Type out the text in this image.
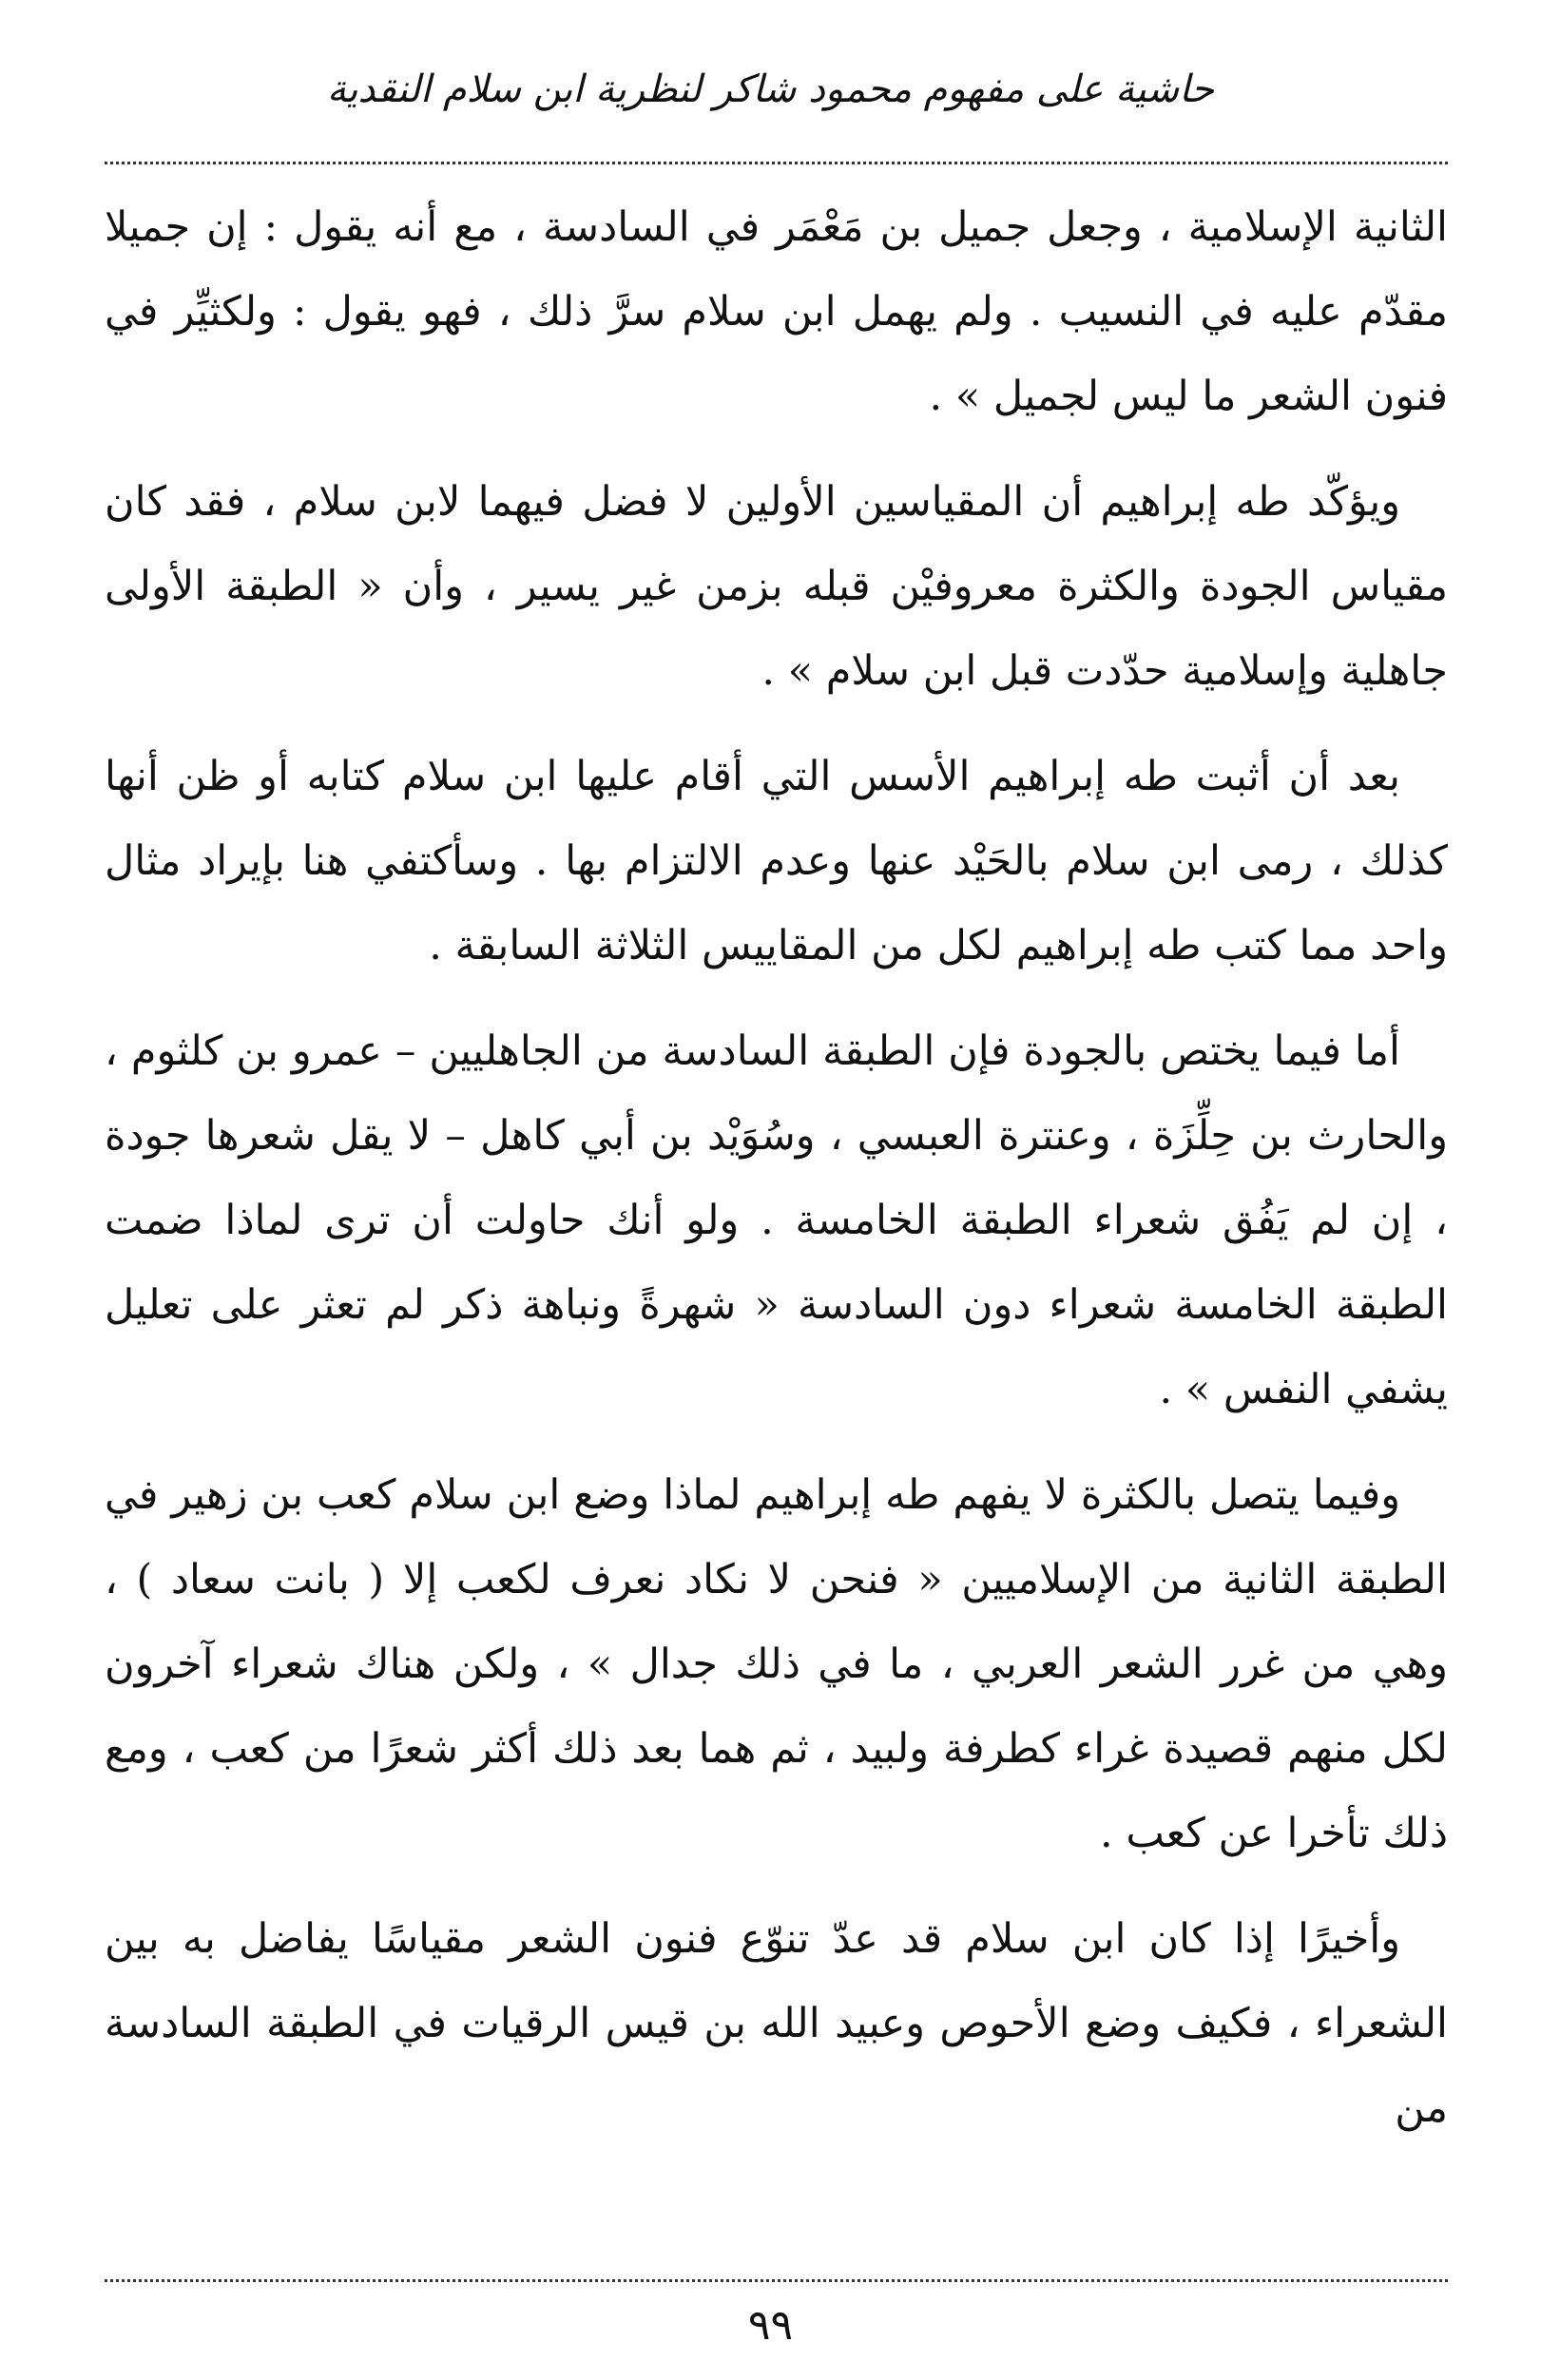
حاشية على مفهوم محمود شاكر لنظرية ابن سلام النقدية

الثانية الإسلامية ، وجعل جميل بن مَعْمَر في السادسة ، مع أنه يقول : إن جميلا مقدّم عليه في النسيب . ولم يهمل ابن سلام سرَّ ذلك ، فهو يقول : ولكثيِّر في فنون الشعر ما ليس لجميل » .

ويؤكّد طه إبراهيم أن المقياسين الأولين لا فضل فيهما لابن سلام ، فقد كان مقياس الجودة والكثرة معروفيْن قبله بزمن غير يسير ، وأن « الطبقة الأولى جاهلية وإسلامية حدّدت قبل ابن سلام » .

بعد أن أثبت طه إبراهيم الأسس التي أقام عليها ابن سلام كتابه أو ظن أنها كذلك ، رمى ابن سلام بالحَيْد عنها وعدم الالتزام بها . وسأكتفي هنا بإيراد مثال واحد مما كتب طه إبراهيم لكل من المقاييس الثلاثة السابقة .

أما فيما يختص بالجودة فإن الطبقة السادسة من الجاهليين – عمرو بن كلثوم ، والحارث بن حِلِّزَة ، وعنترة العبسي ، وسُوَيْد بن أبي كاهل – لا يقل شعرها جودة ، إن لم يَفُق شعراء الطبقة الخامسة . ولو أنك حاولت أن ترى لماذا ضمت الطبقة الخامسة شعراء دون السادسة « شهرةً ونباهة ذكر لم تعثر على تعليل يشفي النفس » .

وفيما يتصل بالكثرة لا يفهم طه إبراهيم لماذا وضع ابن سلام كعب بن زهير في الطبقة الثانية من الإسلاميين « فنحن لا نكاد نعرف لكعب إلا ( بانت سعاد ) ، وهي من غرر الشعر العربي ، ما في ذلك جدال » ، ولكن هناك شعراء آخرون لكل منهم قصيدة غراء كطرفة ولبيد ، ثم هما بعد ذلك أكثر شعرًا من كعب ، ومع ذلك تأخرا عن كعب .

وأخيرًا إذا كان ابن سلام قد عدّ تنوّع فنون الشعر مقياسًا يفاضل به بين الشعراء ، فكيف وضع الأحوص وعبيد الله بن قيس الرقيات في الطبقة السادسة من

٩٩
